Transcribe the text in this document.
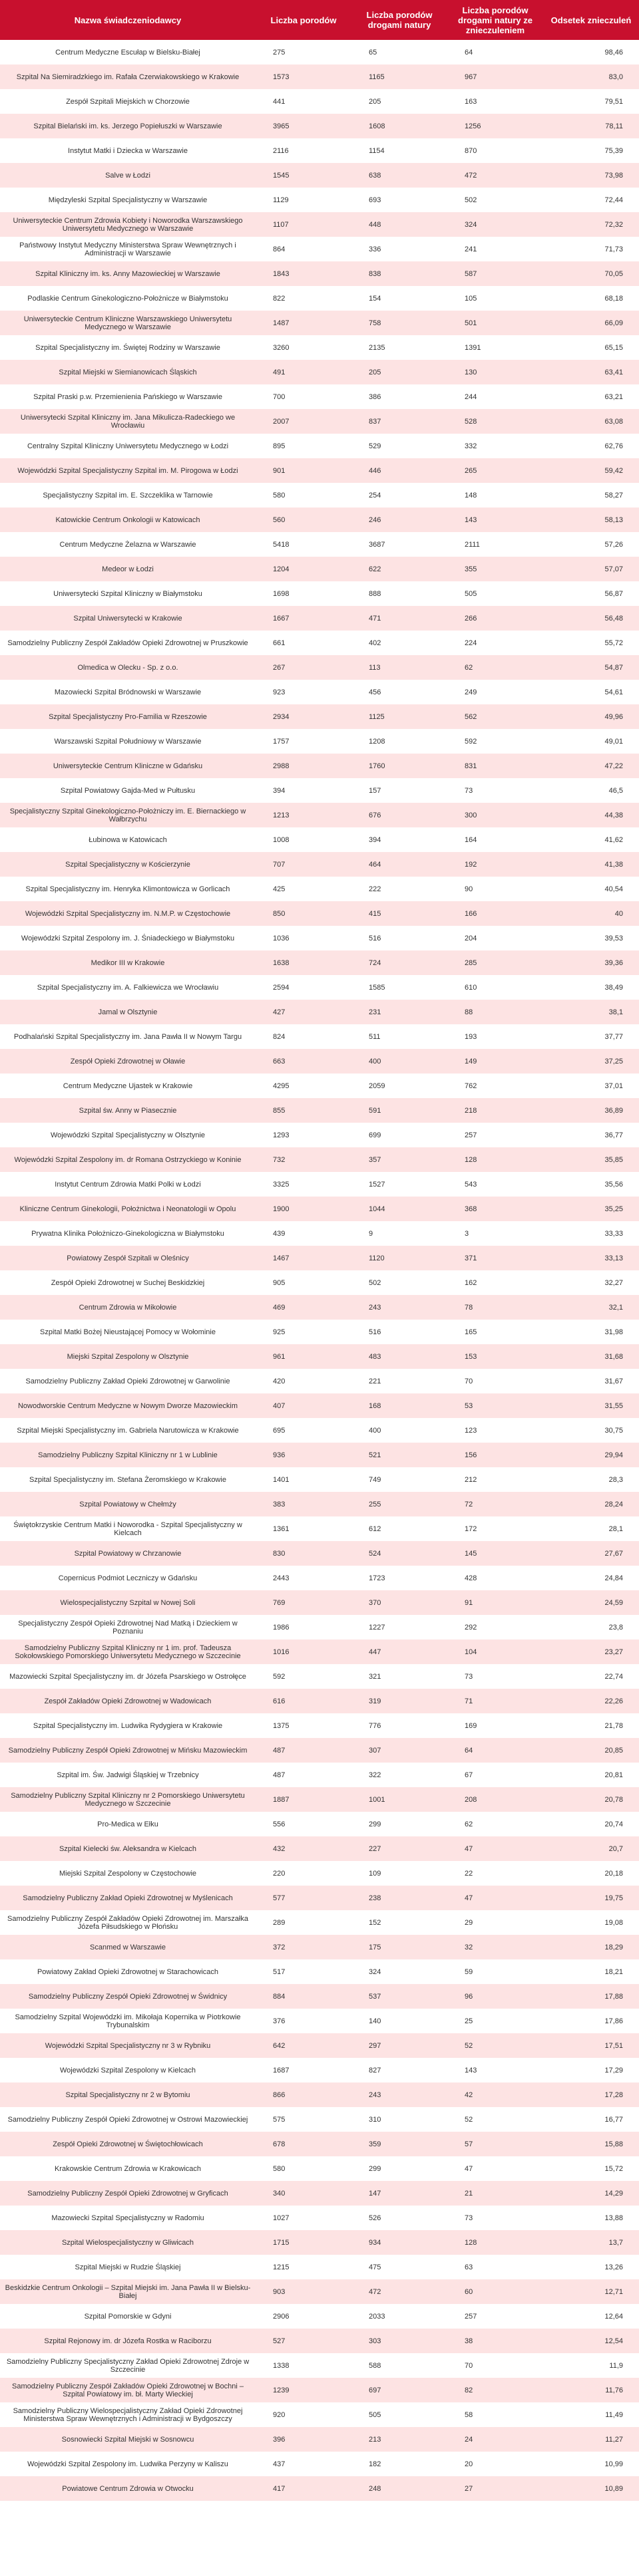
Nazwa świadczeniodawcy	Liczba porodów	Liczba porodów drogami natury	Liczba porodów drogami natury ze znieczuleniem	Odsetek znieczuleń
Centrum Medyczne Escułap w Bielsku-Białej	275	65	64	98,46
Szpital Na Siemiradzkiego im. Rafała Czerwiakowskiego w Krakowie	1573	1165	967	83,0
Zespół Szpitali Miejskich w Chorzowie	441	205	163	79,51
Szpital Bielański im. ks. Jerzego Popiełuszki w Warszawie	3965	1608	1256	78,11
Instytut Matki i Dziecka w Warszawie	2116	1154	870	75,39
Salve w Łodzi	1545	638	472	73,98
Międzyleski Szpital Specjalistyczny w Warszawie	1129	693	502	72,44
Uniwersyteckie Centrum Zdrowia Kobiety i Noworodka Warszawskiego Uniwersytetu Medycznego w Warszawie	1107	448	324	72,32
Państwowy Instytut Medyczny Ministerstwa Spraw Wewnętrznych i Administracji w Warszawie	864	336	241	71,73
Szpital Kliniczny im. ks. Anny Mazowieckiej w Warszawie	1843	838	587	70,05
Podlaskie Centrum Ginekologiczno-Położnicze w Białymstoku	822	154	105	68,18
Uniwersyteckie Centrum Kliniczne Warszawskiego Uniwersytetu Medycznego w Warszawie	1487	758	501	66,09
Szpital Specjalistyczny im. Świętej Rodziny w Warszawie	3260	2135	1391	65,15
Szpital Miejski w Siemianowicach Śląskich	491	205	130	63,41
Szpital Praski p.w. Przemienienia Pańskiego w Warszawie	700	386	244	63,21
Uniwersytecki Szpital Kliniczny im. Jana Mikulicza-Radeckiego we Wrocławiu	2007	837	528	63,08
Centralny Szpital Kliniczny Uniwersytetu Medycznego w Łodzi	895	529	332	62,76
Wojewódzki Szpital Specjalistyczny Szpital im. M. Pirogowa w Łodzi	901	446	265	59,42
Specjalistyczny Szpital im. E. Szczeklika w Tarnowie	580	254	148	58,27
Katowickie Centrum Onkologii w Katowicach	560	246	143	58,13
Centrum Medyczne Żelazna w Warszawie	5418	3687	2111	57,26
Medeor w Łodzi	1204	622	355	57,07
Uniwersytecki Szpital Kliniczny w Białymstoku	1698	888	505	56,87
Szpital Uniwersytecki w Krakowie	1667	471	266	56,48
Samodzielny Publiczny Zespół Zakładów Opieki Zdrowotnej w Pruszkowie	661	402	224	55,72
Olmedica w Olecku - Sp. z o.o.	267	113	62	54,87
Mazowiecki Szpital Bródnowski w Warszawie	923	456	249	54,61
Szpital Specjalistyczny Pro-Familia w Rzeszowie	2934	1125	562	49,96
Warszawski Szpital Południowy w Warszawie	1757	1208	592	49,01
Uniwersyteckie Centrum Kliniczne w Gdańsku	2988	1760	831	47,22
Szpital Powiatowy Gajda-Med w Pułtusku	394	157	73	46,5
Specjalistyczny Szpital Ginekologiczno-Położniczy im. E. Biernackiego w Wałbrzychu	1213	676	300	44,38
Łubinowa w Katowicach	1008	394	164	41,62
Szpital Specjalistyczny w Kościerzynie	707	464	192	41,38
Szpital Specjalistyczny im. Henryka Klimontowicza w Gorlicach	425	222	90	40,54
Wojewódzki Szpital Specjalistyczny im. N.M.P. w Częstochowie	850	415	166	40
Wojewódzki Szpital Zespolony im. J. Śniadeckiego w Białymstoku	1036	516	204	39,53
Medikor III w Krakowie	1638	724	285	39,36
Szpital Specjalistyczny im. A. Falkiewicza we Wrocławiu	2594	1585	610	38,49
Jamal w Olsztynie	427	231	88	38,1
Podhalański Szpital Specjalistyczny im. Jana Pawła II w Nowym Targu	824	511	193	37,77
Zespół Opieki Zdrowotnej w Oławie	663	400	149	37,25
Centrum Medyczne Ujastek w Krakowie	4295	2059	762	37,01
Szpital św. Anny w Piasecznie	855	591	218	36,89
Wojewódzki Szpital Specjalistyczny w Olsztynie	1293	699	257	36,77
Wojewódzki Szpital Zespolony im. dr Romana Ostrzyckiego w Koninie	732	357	128	35,85
Instytut Centrum Zdrowia Matki Polki w Łodzi	3325	1527	543	35,56
Kliniczne Centrum Ginekologii, Położnictwa i Neonatologii w Opolu	1900	1044	368	35,25
Prywatna Klinika Położniczo-Ginekologiczna w Białymstoku	439	9	3	33,33
Powiatowy Zespół Szpitali w Oleśnicy	1467	1120	371	33,13
Zespół Opieki Zdrowotnej w Suchej Beskidzkiej	905	502	162	32,27
Centrum Zdrowia w Mikołowie	469	243	78	32,1
Szpital Matki Bożej Nieustającej Pomocy w Wołominie	925	516	165	31,98
Miejski Szpital Zespolony w Olsztynie	961	483	153	31,68
Samodzielny Publiczny Zakład Opieki Zdrowotnej w Garwolinie	420	221	70	31,67
Nowodworskie Centrum Medyczne w Nowym Dworze Mazowieckim	407	168	53	31,55
Szpital Miejski Specjalistyczny im. Gabriela Narutowicza w Krakowie	695	400	123	30,75
Samodzielny Publiczny Szpital Kliniczny nr 1 w Lublinie	936	521	156	29,94
Szpital Specjalistyczny im. Stefana Żeromskiego w Krakowie	1401	749	212	28,3
Szpital Powiatowy w Chełmży	383	255	72	28,24
Świętokrzyskie Centrum Matki i Noworodka - Szpital Specjalistyczny w Kielcach	1361	612	172	28,1
Szpital Powiatowy w Chrzanowie	830	524	145	27,67
Copernicus Podmiot Leczniczy w Gdańsku	2443	1723	428	24,84
Wielospecjalistyczny Szpital w Nowej Soli	769	370	91	24,59
Specjalistyczny Zespół Opieki Zdrowotnej Nad Matką i Dzieckiem w Poznaniu	1986	1227	292	23,8
Samodzielny Publiczny Szpital Kliniczny nr 1 im. prof. Tadeusza Sokołowskiego Pomorskiego Uniwersytetu Medycznego w Szczecinie	1016	447	104	23,27
Mazowiecki Szpital Specjalistyczny im. dr Józefa Psarskiego w Ostrołęce	592	321	73	22,74
Zespół Zakładów Opieki Zdrowotnej w Wadowicach	616	319	71	22,26
Szpital Specjalistyczny im. Ludwika Rydygiera w Krakowie	1375	776	169	21,78
Samodzielny Publiczny Zespół Opieki Zdrowotnej w Mińsku Mazowieckim	487	307	64	20,85
Szpital im. Św. Jadwigi Śląskiej w Trzebnicy	487	322	67	20,81
Samodzielny Publiczny Szpital Kliniczny nr 2 Pomorskiego Uniwersytetu Medycznego w Szczecinie	1887	1001	208	20,78
Pro-Medica w Ełku	556	299	62	20,74
Szpital Kielecki św. Aleksandra w Kielcach	432	227	47	20,7
Miejski Szpital Zespolony w Częstochowie	220	109	22	20,18
Samodzielny Publiczny Zakład Opieki Zdrowotnej w Myślenicach	577	238	47	19,75
Samodzielny Publiczny Zespół Zakładów Opieki Zdrowotnej im. Marszałka Józefa Piłsudskiego w Płońsku	289	152	29	19,08
Scanmed w Warszawie	372	175	32	18,29
Powiatowy Zakład Opieki Zdrowotnej w Starachowicach	517	324	59	18,21
Samodzielny Publiczny Zespół Opieki Zdrowotnej w Świdnicy	884	537	96	17,88
Samodzielny Szpital Wojewódzki im. Mikołaja Kopernika w Piotrkowie Trybunalskim	376	140	25	17,86
Wojewódzki Szpital Specjalistyczny nr 3 w Rybniku	642	297	52	17,51
Wojewódzki Szpital Zespolony w Kielcach	1687	827	143	17,29
Szpital Specjalistyczny nr 2 w Bytomiu	866	243	42	17,28
Samodzielny Publiczny Zespół Opieki Zdrowotnej w Ostrowi Mazowieckiej	575	310	52	16,77
Zespół Opieki Zdrowotnej w Świętochłowicach	678	359	57	15,88
Krakowskie Centrum Zdrowia w Krakowicach	580	299	47	15,72
Samodzielny Publiczny Zespół Opieki Zdrowotnej w Gryficach	340	147	21	14,29
Mazowiecki Szpital Specjalistyczny w Radomiu	1027	526	73	13,88
Szpital Wielospecjalistyczny w Gliwicach	1715	934	128	13,7
Szpital Miejski w Rudzie Śląskiej	1215	475	63	13,26
Beskidzkie Centrum Onkologii – Szpital Miejski im. Jana Pawła II w Bielsku-Białej	903	472	60	12,71
Szpital Pomorskie w Gdyni	2906	2033	257	12,64
Szpital Rejonowy im. dr Józefa Rostka w Raciborzu	527	303	38	12,54
Samodzielny Publiczny Specjalistyczny Zakład Opieki Zdrowotnej Zdroje w Szczecinie	1338	588	70	11,9
Samodzielny Publiczny Zespół Zakładów Opieki Zdrowotnej w Bochni – Szpital Powiatowy im. bł. Marty Wieckiej	1239	697	82	11,76
Samodzielny Publiczny Wielospecjalistyczny Zakład Opieki Zdrowotnej Ministerstwa Spraw Wewnętrznych i Administracji w Bydgoszczy	920	505	58	11,49
Sosnowiecki Szpital Miejski w Sosnowcu	396	213	24	11,27
Wojewódzki Szpital Zespolony im. Ludwika Perzyny w Kaliszu	437	182	20	10,99
Powiatowe Centrum Zdrowia w Otwocku	417	248	27	10,89
